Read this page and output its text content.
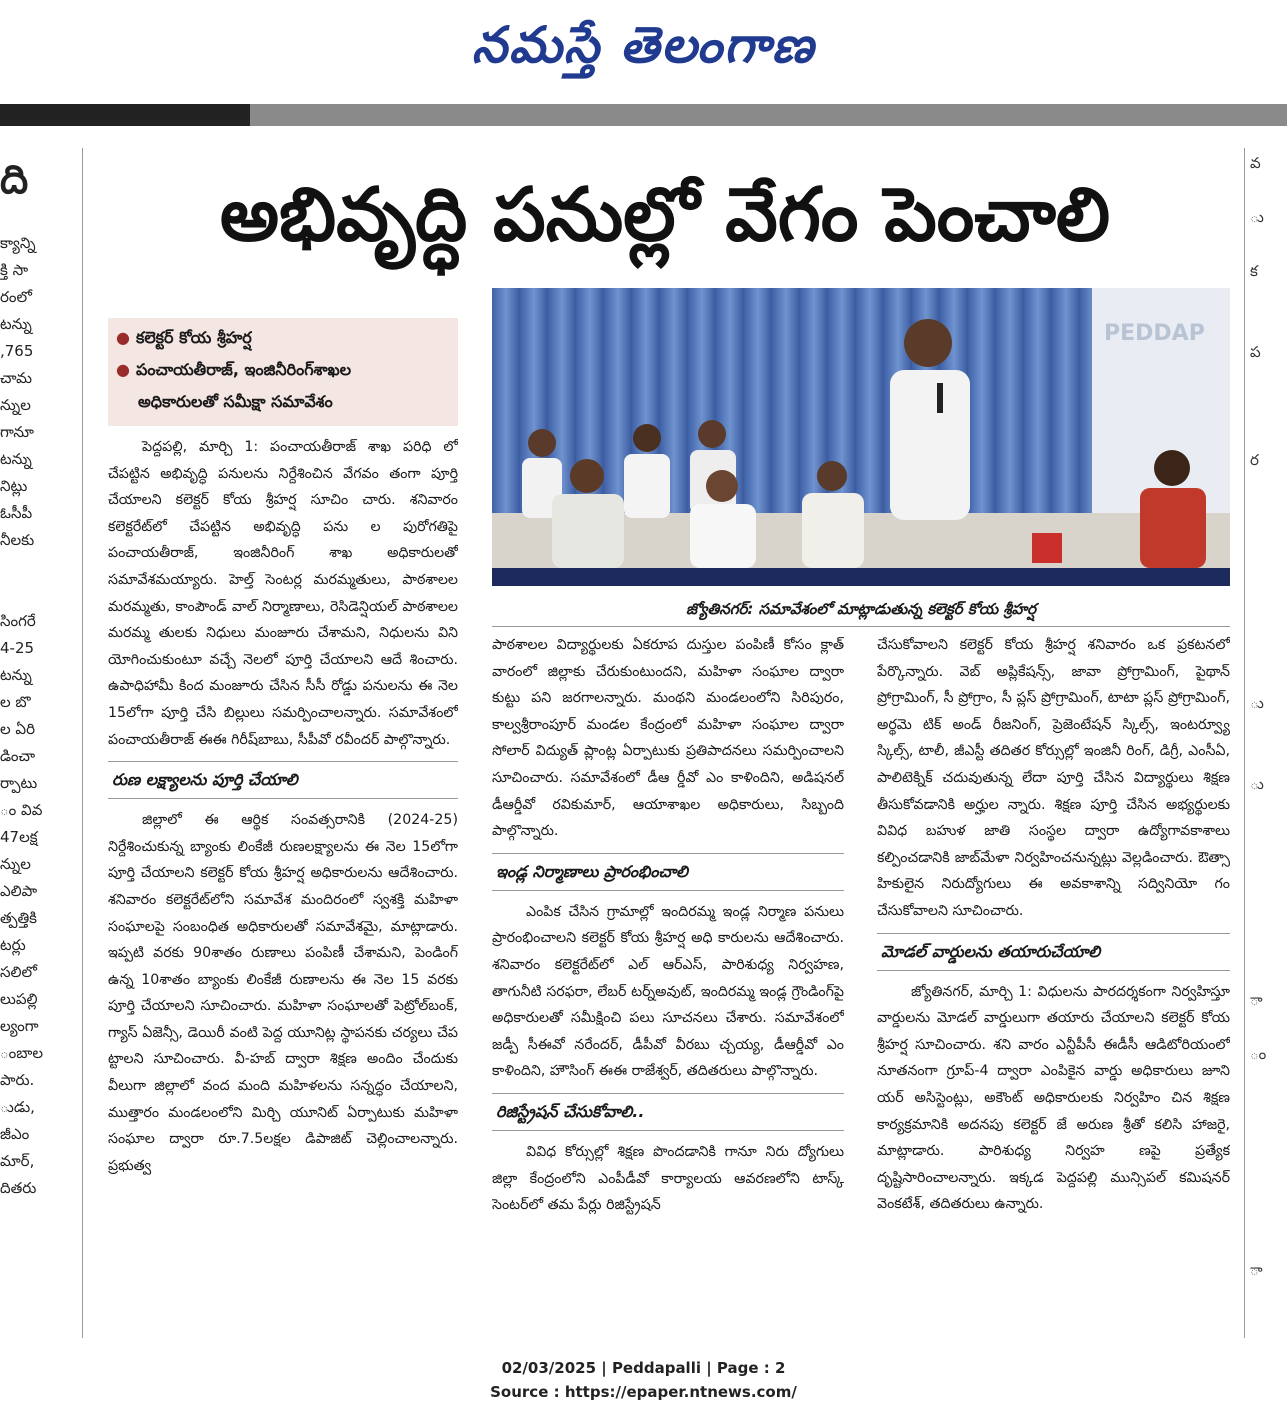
నమస్తే తెలంగాణ
ది
క్యాన్ని
క్తి సా
రంలో
టన్ను
,765
చామ
న్నుల
గానూ
టన్ను
నిట్లు
ఓసీపీ
నీలకు

సింగరే
4-25
టన్ను
ల బొ
ల ఏరి
డించా
ర్పాటు
ం వివ
47లక్ష
న్నుల
ఎలిపా
త్పత్తికి
టర్లు
సలిలో
లుపల్లి
ల్యంగా
ంబాల
పారు.
ుడు,
జీఎం
మార్,
దితరు
వ

ు

క

ప

ర

ు

ు

ా

ం

ా
అభివృద్ధి పనుల్లో వేగం పెంచాలి
● కలెక్టర్ కోయ శ్రీహర్ష
● పంచాయతీరాజ్, ఇంజినీరింగ్‌శాఖల
అధికారులతో సమీక్షా సమావేశం
PEDDAP
జ్యోతినగర్: సమావేశంలో మాట్లాడుతున్న కలెక్టర్ కోయ శ్రీహర్ష

పెద్దపల్లి, మార్చి 1: పంచాయతీరాజ్ శాఖ పరిధి లో చేపట్టిన అభివృద్ధి పనులను నిర్దేశించిన వేగవం తంగా పూర్తి చేయాలని కలెక్టర్ కోయ శ్రీహర్ష సూచిం చారు. శనివారం కలెక్టరేట్‌లో చేపట్టిన అభివృద్ధి పను ల పురోగతిపై పంచాయతీరాజ్, ఇంజినీరింగ్ శాఖ అధికారులతో సమావేశమయ్యారు. హెల్త్ సెంటర్ల మరమ్మతులు, పాఠశాలల మరమ్మతు, కాంపౌండ్ వాల్ నిర్మాణాలు, రెసిడెన్షియల్ పాఠశాలల మరమ్మ తులకు నిధులు మంజూరు చేశామని, నిధులను విని యోగించుకుంటూ వచ్చే నెలలో పూర్తి చేయాలని ఆదే శించారు. ఉపాధిహామీ కింద మంజూరు చేసిన సీసీ రోడ్డు పనులను ఈ నెల 15లోగా పూర్తి చేసి బిల్లులు సమర్పించాలన్నారు. సమావేశంలో పంచాయతీరాజ్ ఈఈ గిరీష్‌బాబు, సీపీవో రవీందర్ పాల్గొన్నారు.

రుణ లక్ష్యాలను పూర్తి చేయాలి

జిల్లాలో ఈ ఆర్థిక సంవత్సరానికి (2024-25) నిర్దేశించుకున్న బ్యాంకు లింకేజీ రుణలక్ష్యాలను ఈ నెల 15లోగా పూర్తి చేయాలని కలెక్టర్ కోయ శ్రీహర్ష అధికారులను ఆదేశించారు. శనివారం కలెక్టరేట్‌లోని సమావేశ మందిరంలో స్వశక్తి మహిళా సంఘాలపై సంబంధిత అధికారులతో సమావేశమై, మాట్లాడారు. ఇప్పటి వరకు 90శాతం రుణాలు పంపిణీ చేశామని, పెండింగ్ ఉన్న 10శాతం బ్యాంకు లింకేజీ రుణాలను ఈ నెల 15 వరకు పూర్తి చేయాలని సూచించారు. మహిళా సంఘాలతో పెట్రోల్‌బంక్, గ్యాస్ ఏజెన్సీ, డెయిరీ వంటి పెద్ద యూనిట్ల స్థాపనకు చర్యలు చేప ట్టాలని సూచించారు. వీ-హబ్ ద్వారా శిక్షణ అందిం చేందుకు వీలుగా జిల్లాలో వంద మంది మహిళలను సన్నద్ధం చేయాలని, ముత్తారం మండలంలోని మిర్చి యూనిట్ ఏర్పాటుకు మహిళా సంఘాల ద్వారా రూ.7.5లక్షల డిపాజిట్ చెల్లించాలన్నారు. ప్రభుత్వ

పాఠశాలల విద్యార్థులకు ఏకరూప దుస్తుల పంపిణీ కోసం క్లాత్ వారంలో జిల్లాకు చేరుకుంటుందని, మహిళా సంఘాల ద్వారా కుట్టు పని జరగాలన్నారు. మంథని మండలంలోని సిరిపురం, కాల్వశ్రీరాంపూర్ మండల కేంద్రంలో మహిళా సంఘాల ద్వారా సోలార్ విద్యుత్ ప్లాంట్ల ఏర్పాటుకు ప్రతిపాదనలు సమర్పించాలని సూచించారు. సమావేశంలో డీఆ ర్డీవో ఎం కాళిందిని, అడిషనల్ డీఆర్డీవో రవికుమార్, ఆయాశాఖల అధికారులు, సిబ్బంది పాల్గొన్నారు.

ఇండ్ల నిర్మాణాలు ప్రారంభించాలి

ఎంపిక చేసిన గ్రామాల్లో ఇందిరమ్మ ఇండ్ల నిర్మాణ పనులు ప్రారంభించాలని కలెక్టర్ కోయ శ్రీహర్ష అధి కారులను ఆదేశించారు. శనివారం కలెక్టరేట్‌లో ఎల్ ఆర్ఎస్, పారిశుధ్య నిర్వహణ, తాగునీటి సరఫరా, లేబర్ టర్న్‌అవుట్, ఇందిరమ్మ ఇండ్ల గ్రౌండింగ్‌పై అధికారులతో సమీక్షించి పలు సూచనలు చేశారు. సమావేశంలో జడ్పీ సీఈవో నరేందర్, డీపీవో వీరబు చ్చయ్య, డీఆర్డీవో ఎం కాళిందిని, హౌసింగ్ ఈఈ రాజేశ్వర్, తదితరులు పాల్గొన్నారు.

రిజిస్ట్రేషన్ చేసుకోవాలి..

వివిధ కోర్సుల్లో శిక్షణ పొందడానికి గానూ నిరు ద్యోగులు జిల్లా కేంద్రంలోని ఎంపీడీవో కార్యాలయ ఆవరణలోని టాస్క్ సెంటర్‌లో తమ పేర్లు రిజిస్ట్రేషన్

చేసుకోవాలని కలెక్టర్ కోయ శ్రీహర్ష శనివారం ఒక ప్రకటనలో పేర్కొన్నారు. వెబ్ అప్లికేషన్స్, జావా ప్రోగ్రామింగ్, పైథాన్ ప్రోగ్రామింగ్, సీ ప్రోగ్రాం, సీ ప్లస్ ప్రోగ్రామింగ్, టాటా ప్లస్ ప్రోగ్రామింగ్, అర్థమె టిక్ అండ్ రీజనింగ్, ప్రెజెంటేషన్ స్కిల్స్, ఇంటర్వ్యూ స్కిల్స్, టాలీ, జీఎస్టీ తదితర కోర్సుల్లో ఇంజినీ రింగ్, డిగ్రీ, ఎంసీఏ, పాలిటెక్నిక్ చదువుతున్న లేదా పూర్తి చేసిన విద్యార్థులు శిక్షణ తీసుకోవడానికి అర్హుల న్నారు. శిక్షణ పూర్తి చేసిన అభ్యర్థులకు వివిధ బహుళ జాతి సంస్థల ద్వారా ఉద్యోగావకాశాలు కల్పించడానికి జాబ్‌మేళా నిర్వహించనున్నట్లు వెల్లడించారు. ఔత్సా హికులైన నిరుద్యోగులు ఈ అవకాశాన్ని సద్వినియో గం చేసుకోవాలని సూచించారు.

మోడల్ వార్డులను తయారుచేయాలి

జ్యోతినగర్, మార్చి 1: విధులను పారదర్శకంగా నిర్వహిస్తూ వార్డులను మోడల్ వార్డులుగా తయారు చేయాలని కలెక్టర్ కోయ శ్రీహర్ష సూచించారు. శని వారం ఎన్టీపీసీ ఈడీసీ ఆడిటోరియంలో నూతనంగా గ్రూప్-4 ద్వారా ఎంపికైన వార్డు అధికారులు జూని యర్ అసిస్టెంట్లు, అకౌంట్ అధికారులకు నిర్వహిం చిన శిక్షణ కార్యక్రమానికి అదనపు కలెక్టర్ జే అరుణ శ్రీతో కలిసి హాజరై, మాట్లాడారు. పారిశుధ్య నిర్వహ ణపై ప్రత్యేక దృష్టిసారించాలన్నారు. ఇక్కడ పెద్దపల్లి మున్సిపల్ కమిషనర్ వెంకటేశ్, తదితరులు ఉన్నారు.

02/03/2025 | Peddapalli | Page : 2
Source : https://epaper.ntnews.com/
